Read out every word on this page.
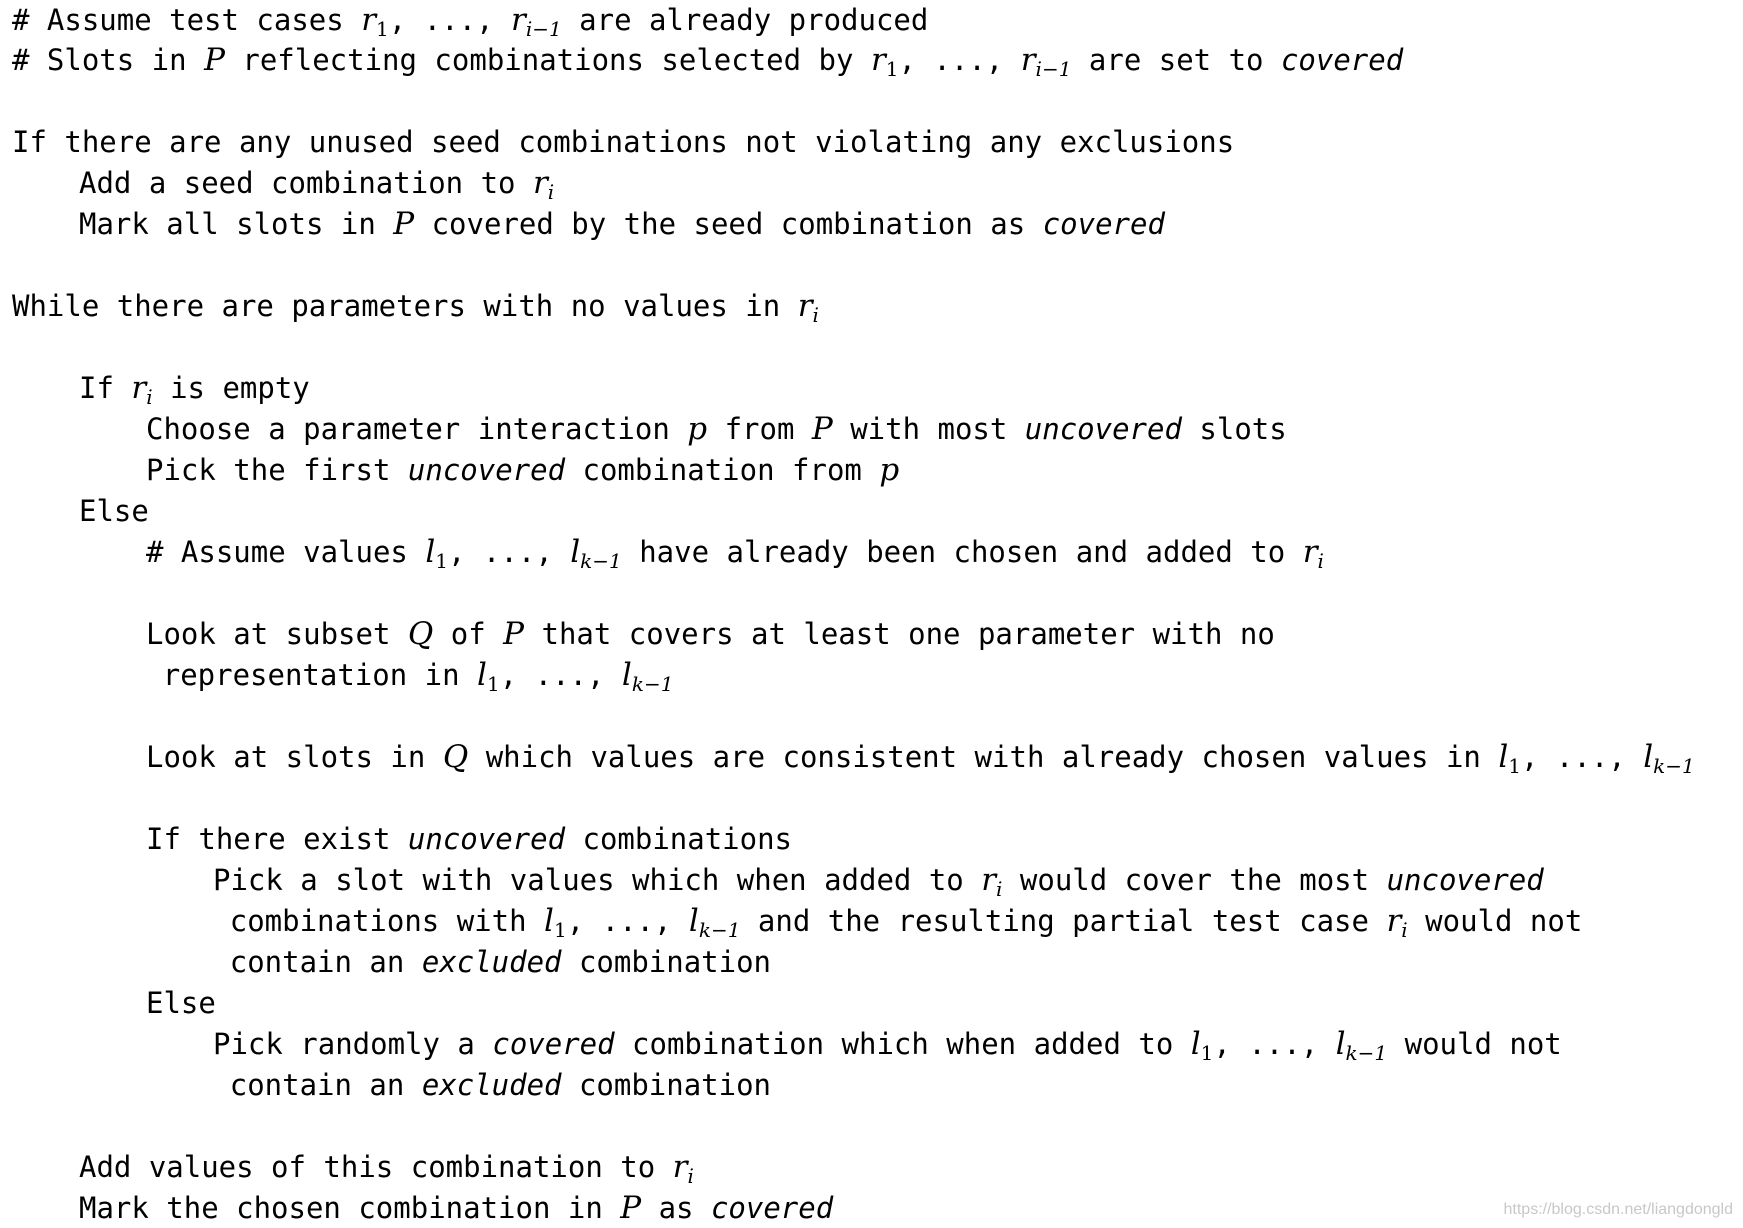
# Assume test cases $r_1$, ..., $r_{i-1}$ are already produced
# Slots in P reflecting combinations selected by $r_1$, ..., $r_{i-1}$ are set to covered
If there are any unused seed combinations not violating any exclusions
Add a seed combination to $r_i$
Mark all slots in P covered by the seed combination as covered
While there are parameters with no values in $r_i$
If $r_i$ is empty
Choose a parameter interaction p from P with most uncovered slots
Pick the first uncovered combination from p
Else
# Assume values $l_1$, ..., $l_{k-1}$ have already been chosen and added to $r_i$
Look at subset Q of P that covers at least one parameter with no
representation in $l_1$, ..., $l_{k-1}$
Look at slots in Q which values are consistent with already chosen values in $l_1$, ..., $l_{k-1}$
If there exist uncovered combinations
Pick a slot with values which when added to $r_i$ would cover the most uncovered
combinations with $l_1$, ..., $l_{k-1}$ and the resulting partial test case $r_i$ would not
contain an excluded combination
Else
Pick randomly a covered combination which when added to $l_1$, ..., $l_{k-1}$ would not
contain an excluded combination
Add values of this combination to $r_i$
Mark the chosen combination in P as covered	https://blog.csdn.net/liangdongld
